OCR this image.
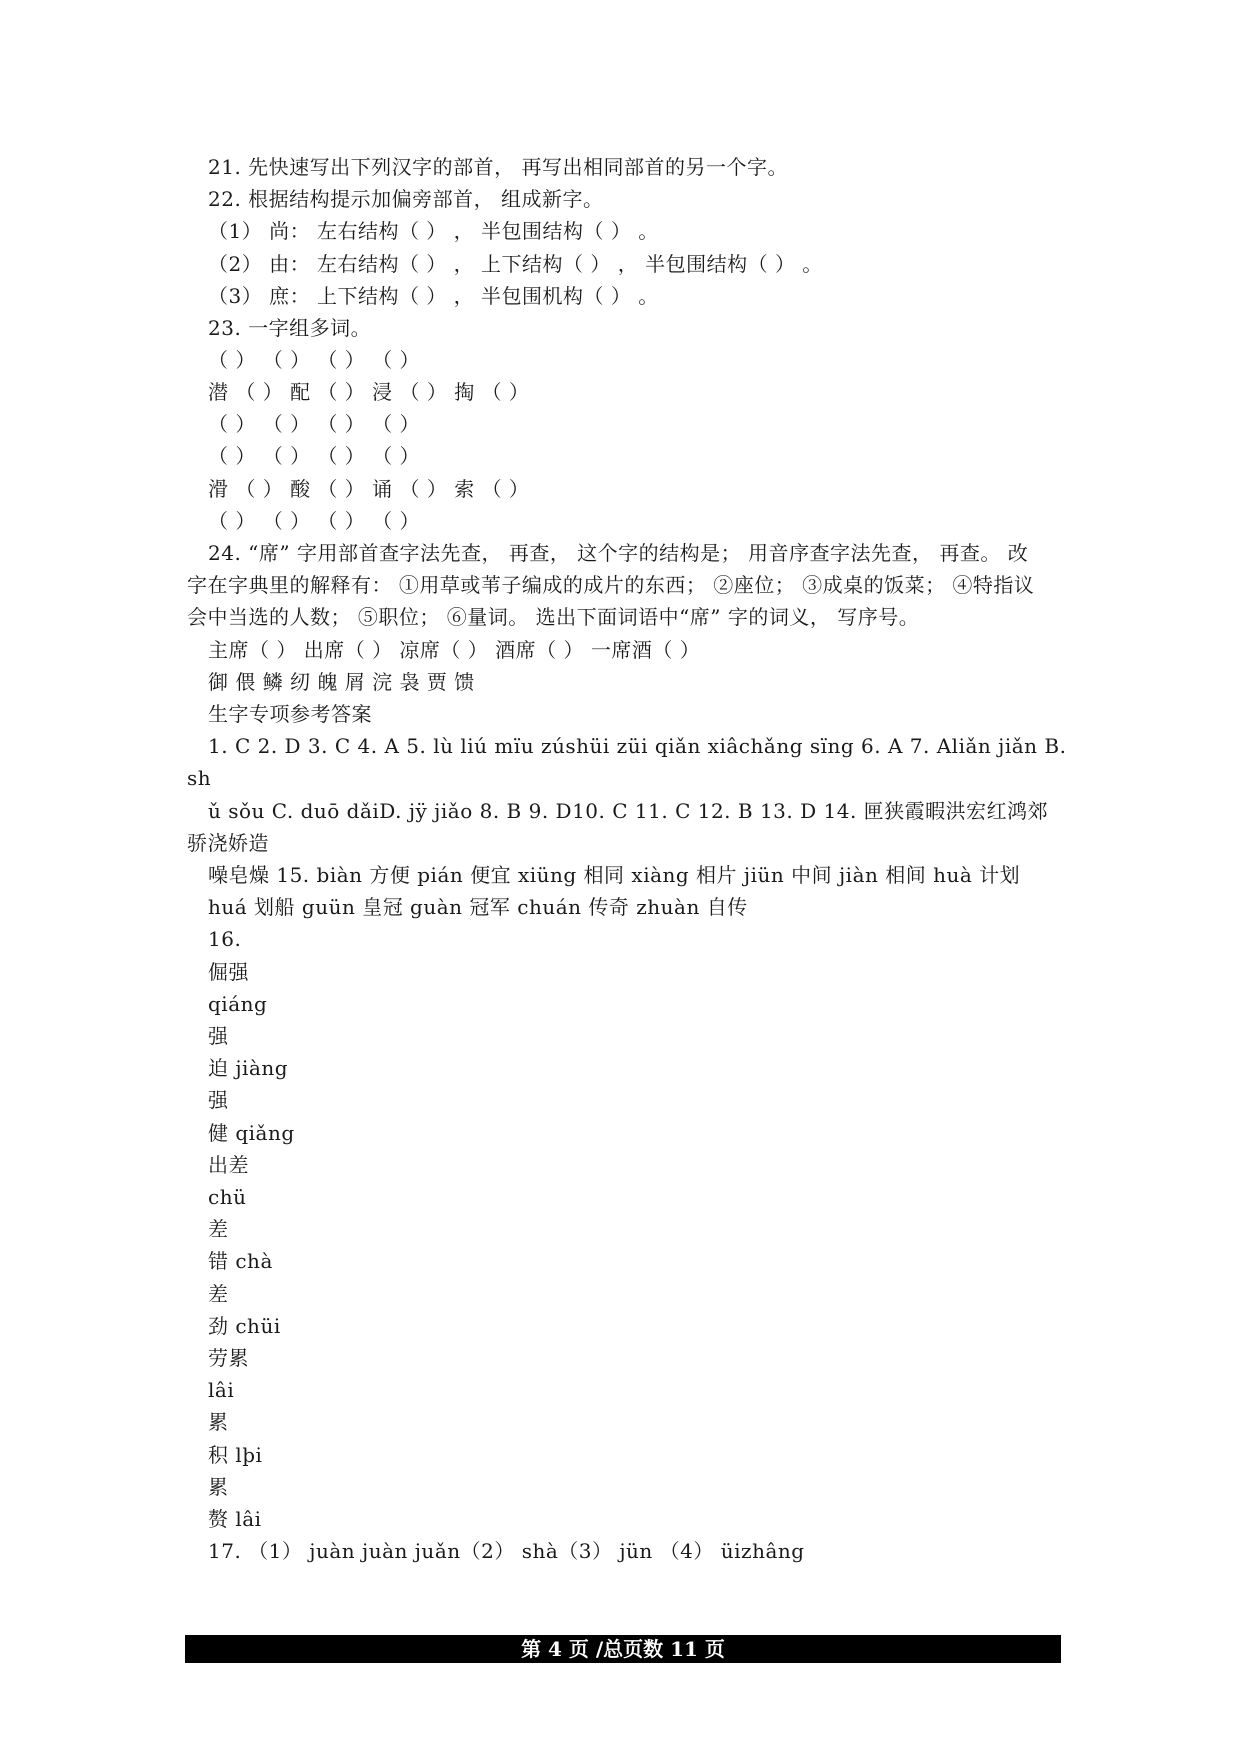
21. 先快速写出下列汉字的部首， 再写出相同部首的另一个字。
22. 根据结构提示加偏旁部首， 组成新字。
（1） 尚： 左右结构（ ） ， 半包围结构（ ） 。
（2） 由： 左右结构（ ） ， 上下结构（ ） ， 半包围结构（ ） 。
（3） 庶： 上下结构（ ） ， 半包围机构（ ） 。
23. 一字组多词。
（ ） （ ） （ ） （ ）
潜 （ ） 配 （ ） 浸 （ ） 掏 （ ）
（ ） （ ） （ ） （ ）
（ ） （ ） （ ） （ ）
滑 （ ） 酸 （ ） 诵 （ ） 索 （ ）
（ ） （ ） （ ） （ ）
24. “席” 字用部首查字法先查， 再查， 这个字的结构是； 用音序查字法先查， 再查。 改
字在字典里的解释有： ①用草或苇子编成的成片的东西； ②座位； ③成桌的饭菜； ④特指议
会中当选的人数； ⑤职位； ⑥量词。 选出下面词语中“席” 字的词义， 写序号。
主席（ ） 出席（ ） 凉席（ ） 酒席（ ） 一席酒（ ）
御 偎 鳞 纫 魄 屑 浣 袅 贾 馈
生字专项参考答案
1. C 2. D 3. C 4. A 5. lù liú mïu zúshüi züi qiǎn xiâchǎng sïng 6. A 7. Aliǎn jiǎn B.
sh
ǔ sǒu C. duō dǎiD. jÿ jiǎo 8. B 9. D10. C 11. C 12. B 13. D 14. 匣狭霞暇洪宏红鸿郊
骄浇娇造
噪皂燥 15. biàn 方便 pián 便宜 xiüng 相同 xiàng 相片 jiün 中间 jiàn 相间 huà 计划
huá 划船 guün 皇冠 guàn 冠军 chuán 传奇 zhuàn 自传
16.
倔强
qiáng
强
迫 jiàng
强
健 qiǎng
出差
chü
差
错 chà
差
劲 chüi
劳累
lâi
累
积 lþi
累
赘 lâi
17. （1） juàn juàn juǎn（2） shà（3） jün （4） üizhâng
第 4 页 /总页数 11 页
